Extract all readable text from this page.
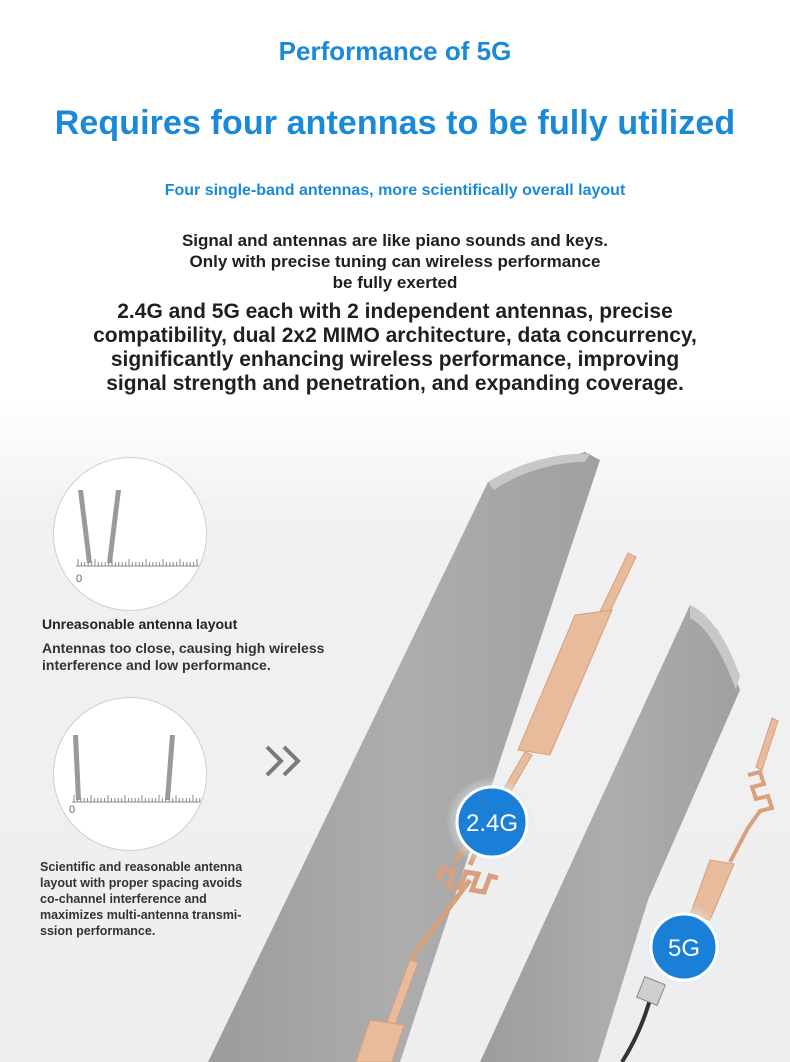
Performance of 5G
Requires four antennas to be fully utilized
Four single-band antennas, more scientifically overall layout
Signal and antennas are like piano sounds and keys.
Only with precise tuning can wireless performance
be fully exerted
2.4G and 5G each with 2 independent antennas, precise
compatibility, dual 2x2 MIMO architecture, data concurrency,
significantly enhancing wireless performance, improving
signal strength and penetration, and expanding coverage.
0
Unreasonable antenna layout
Antennas too close, causing high wireless
interference and low performance.
0
Scientific and reasonable antenna
layout with proper spacing avoids
co-channel interference and
maximizes multi-antenna transmi-
ssion performance.
2.4G
5G
